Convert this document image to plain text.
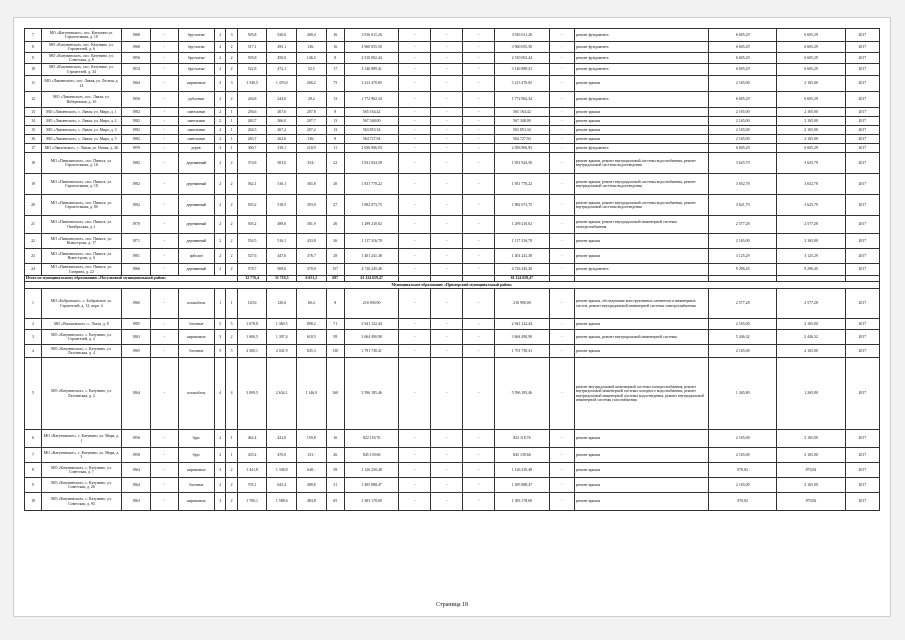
7	МО «Катунинское», пос. Катунино ул. Строительная, д. 10	1968	-	брусчатые	2	3	505,8	526,6	400,4	16	3 916 611,26	-	-	-	3 916 611,26	-	ремонт фундамента	6 605,29	6 605,29	2017
8	МО «Катунинское», пос. Катунино, ул. Строителей, д. 6	1968	-	брусчатые	2	2	517,1	495,1	136,-	16	3 960 055,50	-	-	-	3 960 055,50	-	ремонт фундамента	6 605,29	6 605,29	2017
9	МО «Катунинское», пос. Катунино, ул. Советская, д. 8	1956	-	брусчатые	2	2	505,8	450,0	146,5	8	2 510 002,44	-	-	-	2 510 002,44	-	ремонт фундамента	6 605,29	6 605,29	2017
10	МО «Катунинское», пос. Катунино, ул. Строителей, д. 34	1954	-	брусчатые	2	2	522,8	472,1	52,5	17	3 146 889,41	-	-	-	3 146 889,41	-	ремонт фундамента	6 605,29	6 605,29	2017
11	МО «Лявленское», пос. Лявля, ул. Лесная, д. 14	1964	-	кирпичные	3	3	1 540,5	1 470,0	266,2	75	3 213 470,65	-	-	-	3 213 470,65	-	ремонт крыши	2 165,00	2 165,00	2017
12	МО «Лявленское», пос. Лявля, ул. Набережная, д. 10	1956	-	рубленые	2	2	244,8	244,0	28,2	13	1 772 962,34	-	-	-	1 772 962,34	-	ремонт фундамента	6 605,29	6 605,29	2017
13	МО «Лявленское», с. Лявля, ул. Мира, д. 1	1982	-	панельные	2	1	256,6	267,6	207,8	8	565 164,42	-	-	-	565 164,42	-	ремонт крыши	2 165,00	2 165,00	2017
14	МО «Лявленское», с. Лявля, ул. Мира, д. 2	1982	-	панельные	2	1	263,7	266,0	207,7	13	567 348,00	-	-	-	567 348,00	-	ремонт крыши	2 165,00	2 165,00	2017
15	МО «Лявленское», с. Лявля, ул. Мира, д. 3	1982	-	панельные	2	1	264,5	267,2	207,2	13	563 853,34	-	-	-	563 853,34	-	ремонт крыши	2 165,00	2 165,00	2017
16	МО «Лявленское», с. Лявля, ул. Мира, д. 5	1982	-	панельные	2	1	263,7	262,6	136,-	8	564 727,94	-	-	-	564 727,94	-	ремонт крыши	2 165,00	2 165,00	2017
17	МО «Лявленское», с. Лявля, ул. Новая, д. 26	1959	-	дерев.	2	1	300,7	318,1	218,9	11	2 056 906,93	-	-	-	2 056 906,93	-	ремонт фундамента	6 605,29	6 605,29	2017
18	МО «Пиньгинское», пос. Пиньга, ул. Строительная, д. 16	1982	-	деревянный	2	2	374,8	503,0	354,-	22	1 831 924,58	-	-	-	1 831 924,58	-	ремонт крыши, ремонт внутридомовой системы водоснабжения, ремонт внутридомовой системы водоотведения	3 625,79	3 625,79	2017
19	МО «Пиньгинское», пос. Пиньга, ул. Строительная, д. 18	1982	-	деревянный	2	2	562,1	516,1	365,8	20	1 831 770,22	-	-	-	1 831 770,22	-	ремонт крыши, ремонт внутридомовой системы водоснабжения, ремонт внутридомовой системы водоотведения	3 652,78	3 652,78	2017
20	МО «Пиньгинское», пос. Пиньга, ул. Строительная, д. 8б	1982	-	деревянный	2	2	503,2	518,5	393,9	27	1 882 073,75	-	-	-	1 882 073,75	-	ремонт крыши, ремонт внутридомовой системы водоснабжения, ремонт внутридомовой системы водоотведения	3 621,79	3 625,79	2017
21	МО «Пиньгинское», пос. Пиньга, ул. Октябрьская, д. 1	1970	-	деревянный	2	2	503,2	498,6	301,9	26	1 299 210,02	-	-	-	1 299 210,02	-	ремонт крыши, ремонт внутридомовой инженерной системы электроснабжения	2 577,28	2 577,28	2017
22	МО «Пиньгинское», пос. Пиньга, ул. Новостроек, д. 17	1971	-	деревянный	2	2	554,5	516,1	433,8	26	1 117 316,78	-	-	-	1 117 316,78	-	ремонт крыши	2 165,00	2 165,00	2017
23	МО «Пиньгинское», пос. Пиньга, ул. Новостроек, д. 6	1981	-	арболит	2	2	527,6	447,6	376,7	28	1 401 241,38	-	-	-	1 401 241,38	-	ремонт крыши	3 125,29	3 125,29	2017
24	МО «Пиньгинское», пос. Пиньга, ул. Гагарина, д. 22	1966	-	деревянный	2	2	578,7	508,6	370,0	157	4 726 245,40	-	-	-	4 726 245,40	-	ремонт фундамента	9 296,45	9 296,45	2017
Итого по муниципальному образованию «Поселковый муниципальный район»							32 776,4	31 710,5	6 651,2	687	61 124 659,47				61 124 659,47					
Муниципальное образование «Приморский муниципальный район»																				
1	МО «Бобровское», с. Бобровское, ул. Строителей, д. 12, корп. 4	1960	-	шлакоблок	1	1	120,6	120,6	60,4	8	216 900,00	-	-	-	216 900,00	-	ремонт крыши, обследование конструктивных элементов и инженерных систем, ремонт внутридомовой инженерной системы электроснабжения	2 577,28	2 577,28	2017
2	МО «Васьковское», с. Лахта, д. 8	1985	-	блочные	5	5	1 678,8	1 360,5	808,2	71	2 941 122,44	-	-	-	2 941 122,44	-	ремонт крыши	2 165,00	2 165,00	2017
3	МО «Катунинское», с. Катунино, ул. Строителей, д. 2	1963	-	кирпичные	3	2	1 600,5	1 397,4	618,5	58	3 664 490,90	-	-	-	3 664 490,90	-	ремонт крыши, ремонт внутридомовой инженерной системы	5 446,32	2 446,32	2017
4	МО «Катунинское», с. Катунино, ул. Лахтинская, д. 4	1965	-	блочные	5	5	2 300,1	2 041,9	845,3	130	1 791 730,41	-	-	-	1 791 730,41	-	ремонт крыши	2 165,00	2 165,00	2017
5	МО «Катунинское», с. Катунино, ул. Лахтинская, д. 2	1964	-	шлакоблок	4	4	3 009,5	2 634,1	1 146,9	160	5 596 185,46	-	-	-	5 596 185,46	-	ремонт внутридомовой инженерной системы электроснабжения, ремонт внутридомовой инженерной системы холодного водоснабжения, ремонт внутридомовой инженерной системы водоотведения, ремонт внутридомовой инженерной системы газоснабжения	1 265,80	1 265,80	2017
6	МО «Катунинское», с. Катунино, ул. Мира, д. 1	1956	-	брус	2	1	462,4	422,0	159,8	16	822 118,76	-	-	-	822 118,76	-	ремонт крыши	2 165,00	2 165,00	2017
7	МО «Катунинское», с. Катунино, ул. Мира, д. 3	1958	-	брус	2	1	435,4	470,0	131,-	26	845 139,66	-	-	-	845 139,66	-	ремонт крыши	2 165,00	2 165,00	2017
8	МО «Катунинское», с. Катунино, ул. Советская, д. 7	1964	-	кирпичные	3	2	1 441,8	1 338,8	640,-	58	1 126 250,48	-	-	-	1 126 250,48	-	ремонт крыши	870,82	870,82	2017
9	МО «Катунинское», с. Катунино, ул. Советская, д. 26	1964	-	блочные	2	2	705,1	643,4	498,8	31	1 495 888,47	-	-	-	1 495 888,47	-	ремонт крыши	2 165,00	2 165,00	2017
10	МО «Катунинское», с. Катунино, ул. Советская, д. 94	1963	-	кирпичные	3	2	1 700,1	1 588,6	484,8	65	1 383 178,69	-	-	-	1 383 178,69	-	ремонт крыши	870,82	870,82	2017
Страница 18
